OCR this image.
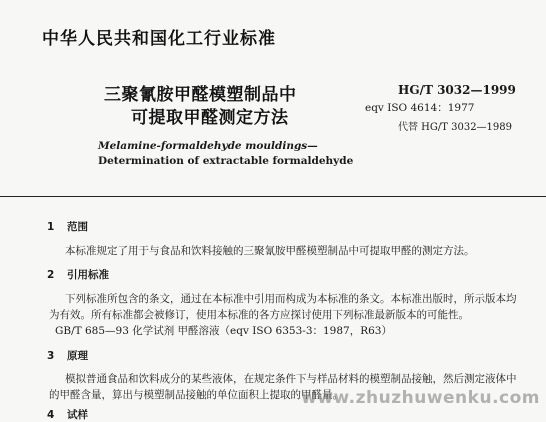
中华人民共和国化工行业标准
三聚氰胺甲醛模塑制品中
可提取甲醛测定方法
HG/T 3032—1999
eqv ISO 4614：1977
代替 HG/T 3032—1989
Melamine-formaldehyde mouldings—
Determination of extractable formaldehyde
1 范围
本标准规定了用于与食品和饮料接触的三聚氰胺甲醛模塑制品中可提取甲醛的测定方法。
2 引用标准
下列标准所包含的条文，通过在本标准中引用而构成为本标准的条文。本标准出版时，所示版本均
为有效。所有标准都会被修订，使用本标准的各方应探讨使用下列标准最新版本的可能性。
GB/T 685—93 化学试剂 甲醛溶液（eqv ISO 6353-3：1987，R63）
3 原理
模拟普通食品和饮料成分的某些液体，在规定条件下与样品材料的模塑制品接触，然后测定液体中
的甲醛含量，算出与模塑制品接触的单位面积上提取的甲醛量。
4 试样
www.zhuzhuwenku.com
